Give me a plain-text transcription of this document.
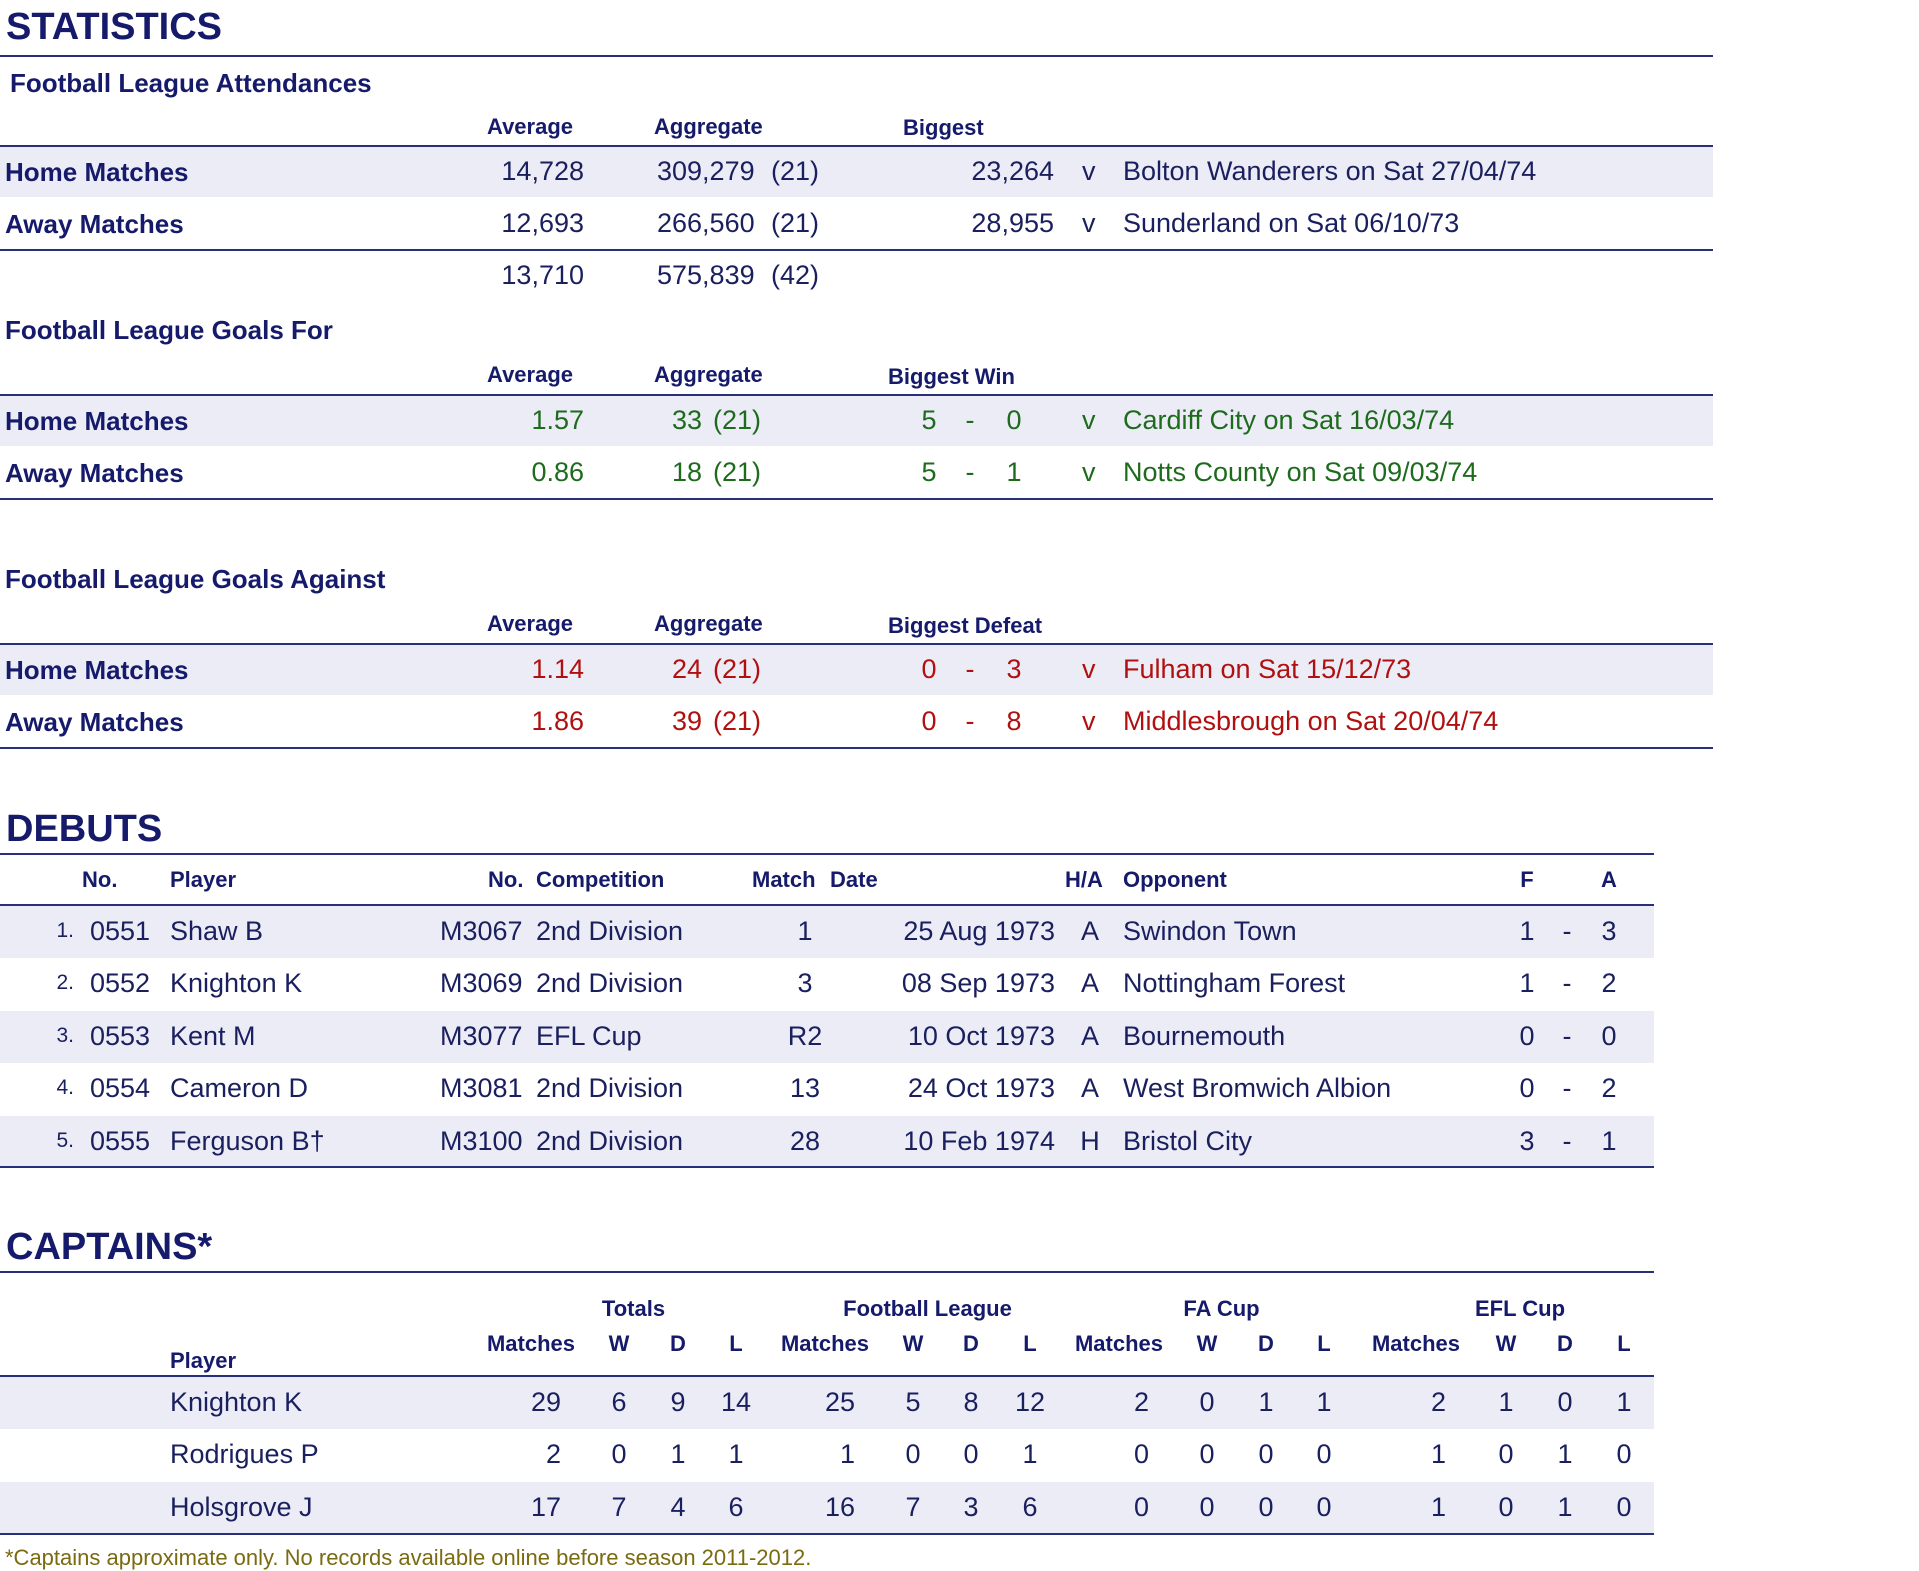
STATISTICS
Football League Attendances
Average	Aggregate	Biggest
Home Matches	14,728	309,279 (21)	23,264 v Bolton Wanderers on Sat 27/04/74
Away Matches	12,693	266,560 (21)	28,955 v Sunderland on Sat 06/10/73
13,710	575,839 (42)
Football League Goals For
Average	Aggregate	Biggest Win
Home Matches	1.57	33 (21)	5	-	0	v Cardiff City on Sat 16/03/74
Away Matches	0.86	18 (21)	5	-	1	v Notts County on Sat 09/03/74
Football League Goals Against
Average	Aggregate	Biggest Defeat
Home Matches	1.14	24 (21)	0	-	3	v Fulham on Sat 15/12/73
Away Matches	1.86	39 (21)	0	-	8	v Middlesbrough on Sat 20/04/74
DEBUTS
No. Player	No. Competition	Match Date	H/A Opponent	F	A
1. 0551 Shaw B	M3067 2nd Division	1	25 Aug 1973 A Swindon Town	1	-	3
2. 0552 Knighton K	M3069 2nd Division	3	08 Sep 1973 A Nottingham Forest	1	-	2
3. 0553 Kent M	M3077 EFL Cup	R2	10 Oct 1973 A Bournemouth	0	-	0
4. 0554 Cameron D	M3081 2nd Division	13	24 Oct 1973 A West Bromwich Albion	0	-	2
5. 0555 Ferguson B†	M3100 2nd Division	28	10 Feb 1974 H Bristol City	3	-	1
CAPTAINS*
Totals
Matches	W	D	L
Football League
Matches	W	D	L
FA Cup
Matches	W	D	L
EFL Cup
Matches	W	D	L
Player
Knighton K	29	6	9	14	25	5	8	12	2	0	1	1	2	1	0	1
Rodrigues P	2	0	1	1	1	0	0	1	0	0	0	0	1	0	1	0
Holsgrove J	17	7	4	6	16	7	3	6	0	0	0	0	1	0	1	0
*Captains approximate only. No records available online before season 2011-2012.
